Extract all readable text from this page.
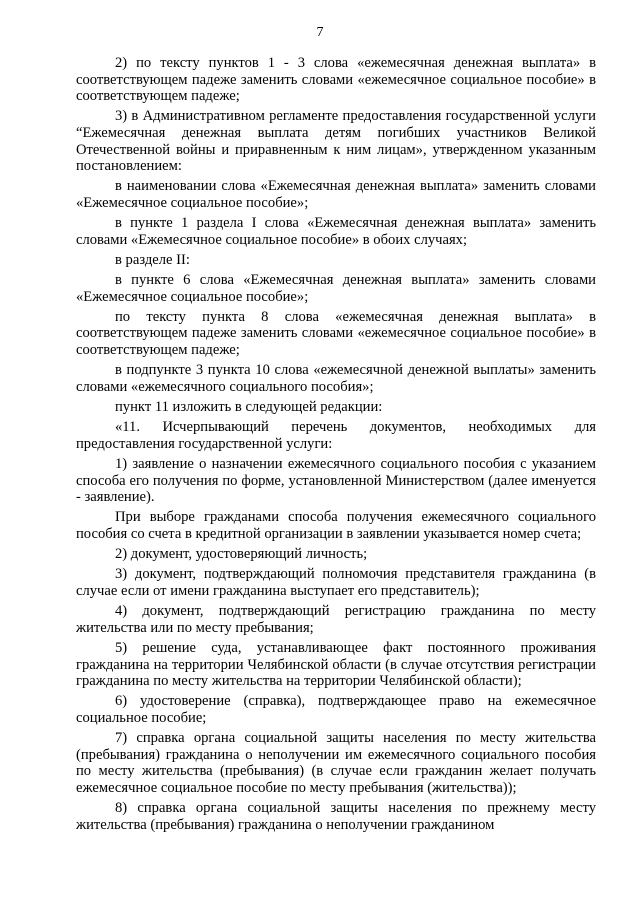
7

2) по тексту пунктов 1 - 3 слова «ежемесячная денежная выплата» в соответствующем падеже заменить словами «ежемесячное социальное пособие» в соответствующем падеже;

3) в Административном регламенте предоставления государственной услуги “Ежемесячная денежная выплата детям погибших участников Великой Отечественной войны и приравненным к ним лицам», утвержденном указанным постановлением:

в наименовании слова «Ежемесячная денежная выплата» заменить словами «Ежемесячное социальное пособие»;

в пункте 1 раздела I слова «Ежемесячная денежная выплата» заменить словами «Ежемесячное социальное пособие» в обоих случаях;

в разделе II:

в пункте 6 слова «Ежемесячная денежная выплата» заменить словами «Ежемесячное социальное пособие»;

по тексту пункта 8 слова «ежемесячная денежная выплата» в соответствующем падеже заменить словами «ежемесячное социальное пособие» в соответствующем падеже;

в подпункте 3 пункта 10 слова «ежемесячной денежной выплаты» заменить словами «ежемесячного социального пособия»;

пункт 11 изложить в следующей редакции:

«11. Исчерпывающий перечень документов, необходимых для предоставления государственной услуги:

1) заявление о назначении ежемесячного социального пособия с указанием способа его получения по форме, установленной Министерством (далее именуется - заявление).

При выборе гражданами способа получения ежемесячного социального пособия со счета в кредитной организации в заявлении указывается номер счета;

2) документ, удостоверяющий личность;

3) документ, подтверждающий полномочия представителя гражданина (в случае если от имени гражданина выступает его представитель);

4) документ, подтверждающий регистрацию гражданина по месту жительства или по месту пребывания;

5) решение суда, устанавливающее факт постоянного проживания гражданина на территории Челябинской области (в случае отсутствия регистрации гражданина по месту жительства на территории Челябинской области);

6) удостоверение (справка), подтверждающее право на ежемесячное социальное пособие;

7) справка органа социальной защиты населения по месту жительства (пребывания) гражданина о неполучении им ежемесячного социального пособия по месту жительства (пребывания) (в случае если гражданин желает получать ежемесячное социальное пособие по месту пребывания (жительства));

8) справка органа социальной защиты населения по прежнему месту жительства (пребывания) гражданина о неполучении гражданином
